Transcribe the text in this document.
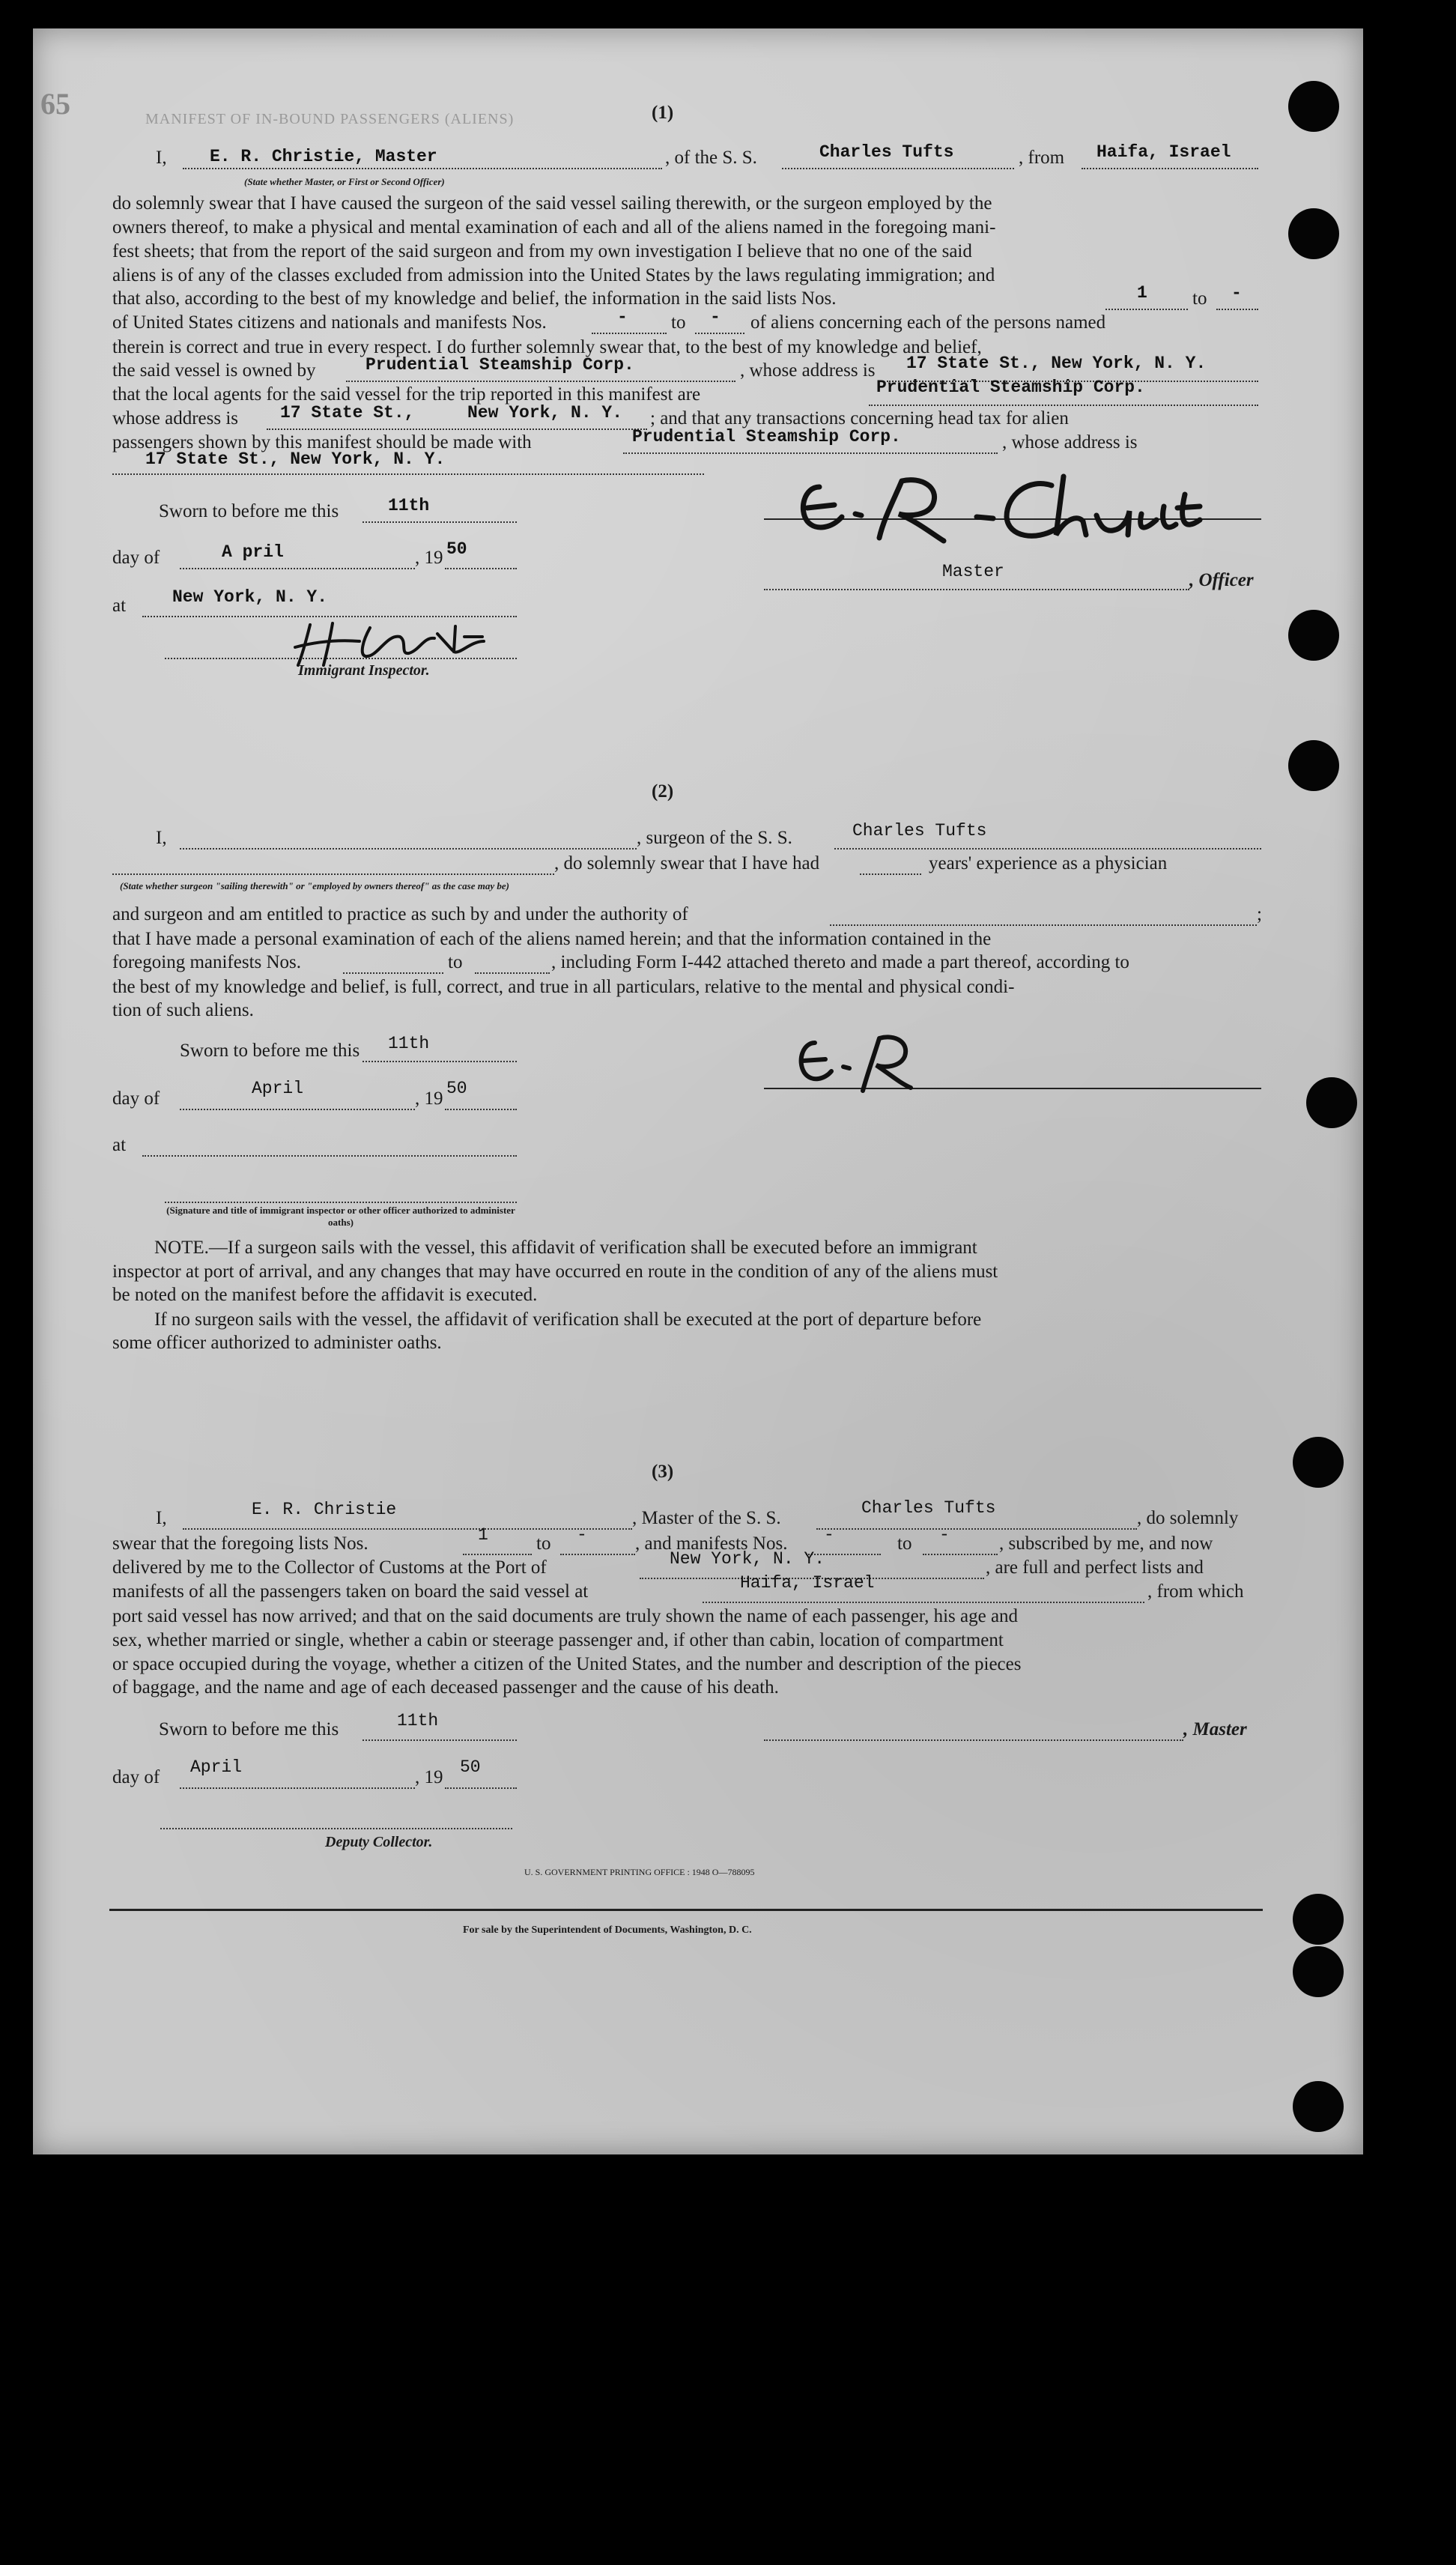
65	MANIFEST OF IN-BOUND PASSENGERS (ALIENS)	(1)
I, E. R. Christie, Master
(State whether Master, or First or Second Officer)
, of the S. S.	Charles Tufts	, from Haifa, Israel
do solemnly swear that I have caused the surgeon of the said vessel sailing therewith, or the surgeon employed by the
owners thereof, to make a physical and mental examination of each and all of the aliens named in the foregoing mani-
fest sheets; that from the report of the said surgeon and from my own investigation I believe that no one of the said
aliens is of any of the classes excluded from admission into the United States by the laws regulating immigration; and
that also, according to the best of my knowledge and belief, the information in the said lists Nos.	1 to -
of United States citizens and nationals and manifests Nos.	- to - of aliens concerning each of the persons named
therein is correct and true in every respect. I do further solemnly swear that, to the best of my knowledge and belief,
the said vessel is owned by	Prudential Steamship Corp.	, whose address is 17 State St., New York, N. Y.
that the local agents for the said vessel for the trip reported in this manifest are	Prudential Steamship Corp.
whose address is 17 State St.,	New York, N. Y. ; and that any transactions concerning head tax for alien
passengers shown by this manifest should be made with	Prudential Steamship Corp.	, whose address is
17 State St., New York, N. Y.
Sworn to before me this	11th
day of	A pril	, 19 50
at	New York, N. Y.
Immigrant Inspector.
Master	, Officer
(2)
I,	, surgeon of the S. S.	Charles Tufts
, do solemnly swear that I have had	years' experience as a physician
(State whether surgeon "sailing therewith" or "employed by owners thereof" as the case may be)
and surgeon and am entitled to practice as such by and under the authority of	;
that I have made a personal examination of each of the aliens named herein; and that the information contained in the
foregoing manifests Nos.	to	, including Form I-442 attached thereto and made a part thereof, according to
the best of my knowledge and belief, is full, correct, and true in all particulars, relative to the mental and physical condi-
tion of such aliens.
Sworn to before me this 11th
day of	April	, 19 50
at
(Signature and title of immigrant inspector or other officer authorized to administer oaths)
NOTE.—If a surgeon sails with the vessel, this affidavit of verification shall be executed before an immigrant
inspector at port of arrival, and any changes that may have occurred en route in the condition of any of the aliens must
be noted on the manifest before the affidavit is executed.
If no surgeon sails with the vessel, the affidavit of verification shall be executed at the port of departure before
some officer authorized to administer oaths.
(3)
I,	E. R. Christie	, Master of the S. S.	Charles Tufts	, do solemnly
swear that the foregoing lists Nos.	1	to -	, and manifests Nos. -	to -	, subscribed by me, and now
delivered by me to the Collector of Customs at the Port of	New York, N. Y.	, are full and perfect lists and
manifests of all the passengers taken on board the said vessel at	Haifa, Israel	, from which
port said vessel has now arrived; and that on the said documents are truly shown the name of each passenger, his age and
sex, whether married or single, whether a cabin or steerage passenger and, if other than cabin, location of compartment
or space occupied during the voyage, whether a citizen of the United States, and the number and description of the pieces
of baggage, and the name and age of each deceased passenger and the cause of his death.
Sworn to before me this	11th	, Master
day of April	, 19 50
Deputy Collector.
U. S. GOVERNMENT PRINTING OFFICE : 1948 O—788095
For sale by the Superintendent of Documents, Washington, D. C.
